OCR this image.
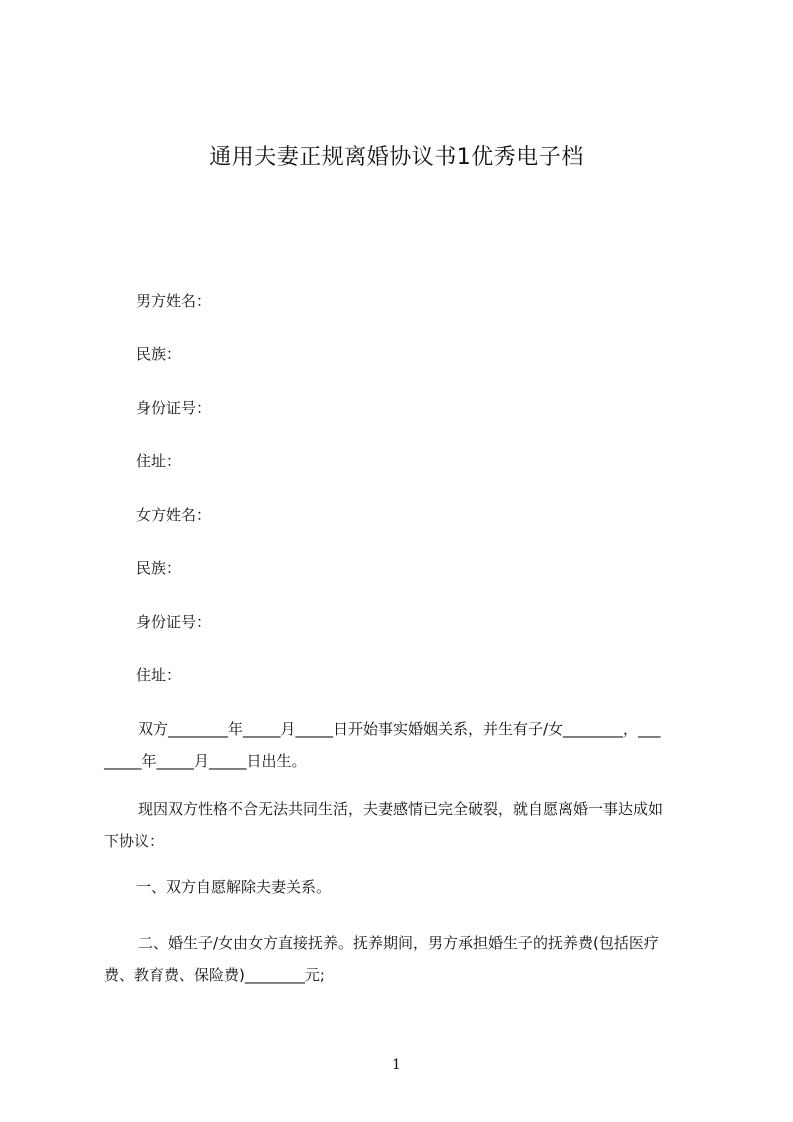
通用夫妻正规离婚协议书1优秀电子档
男方姓名：
民族：
身份证号：
住址：
女方姓名：
民族：
身份证号：
住址：
双方________年_____月_____日开始事实婚姻关系，并生有子/女________，___
_____年_____月_____日出生。
现因双方性格不合无法共同生活，夫妻感情已完全破裂，就自愿离婚一事达成如
下协议：
一、双方自愿解除夫妻关系。
二、婚生子/女由女方直接抚养。抚养期间，男方承担婚生子的抚养费(包括医疗
费、教育费、保险费)________元;
1
